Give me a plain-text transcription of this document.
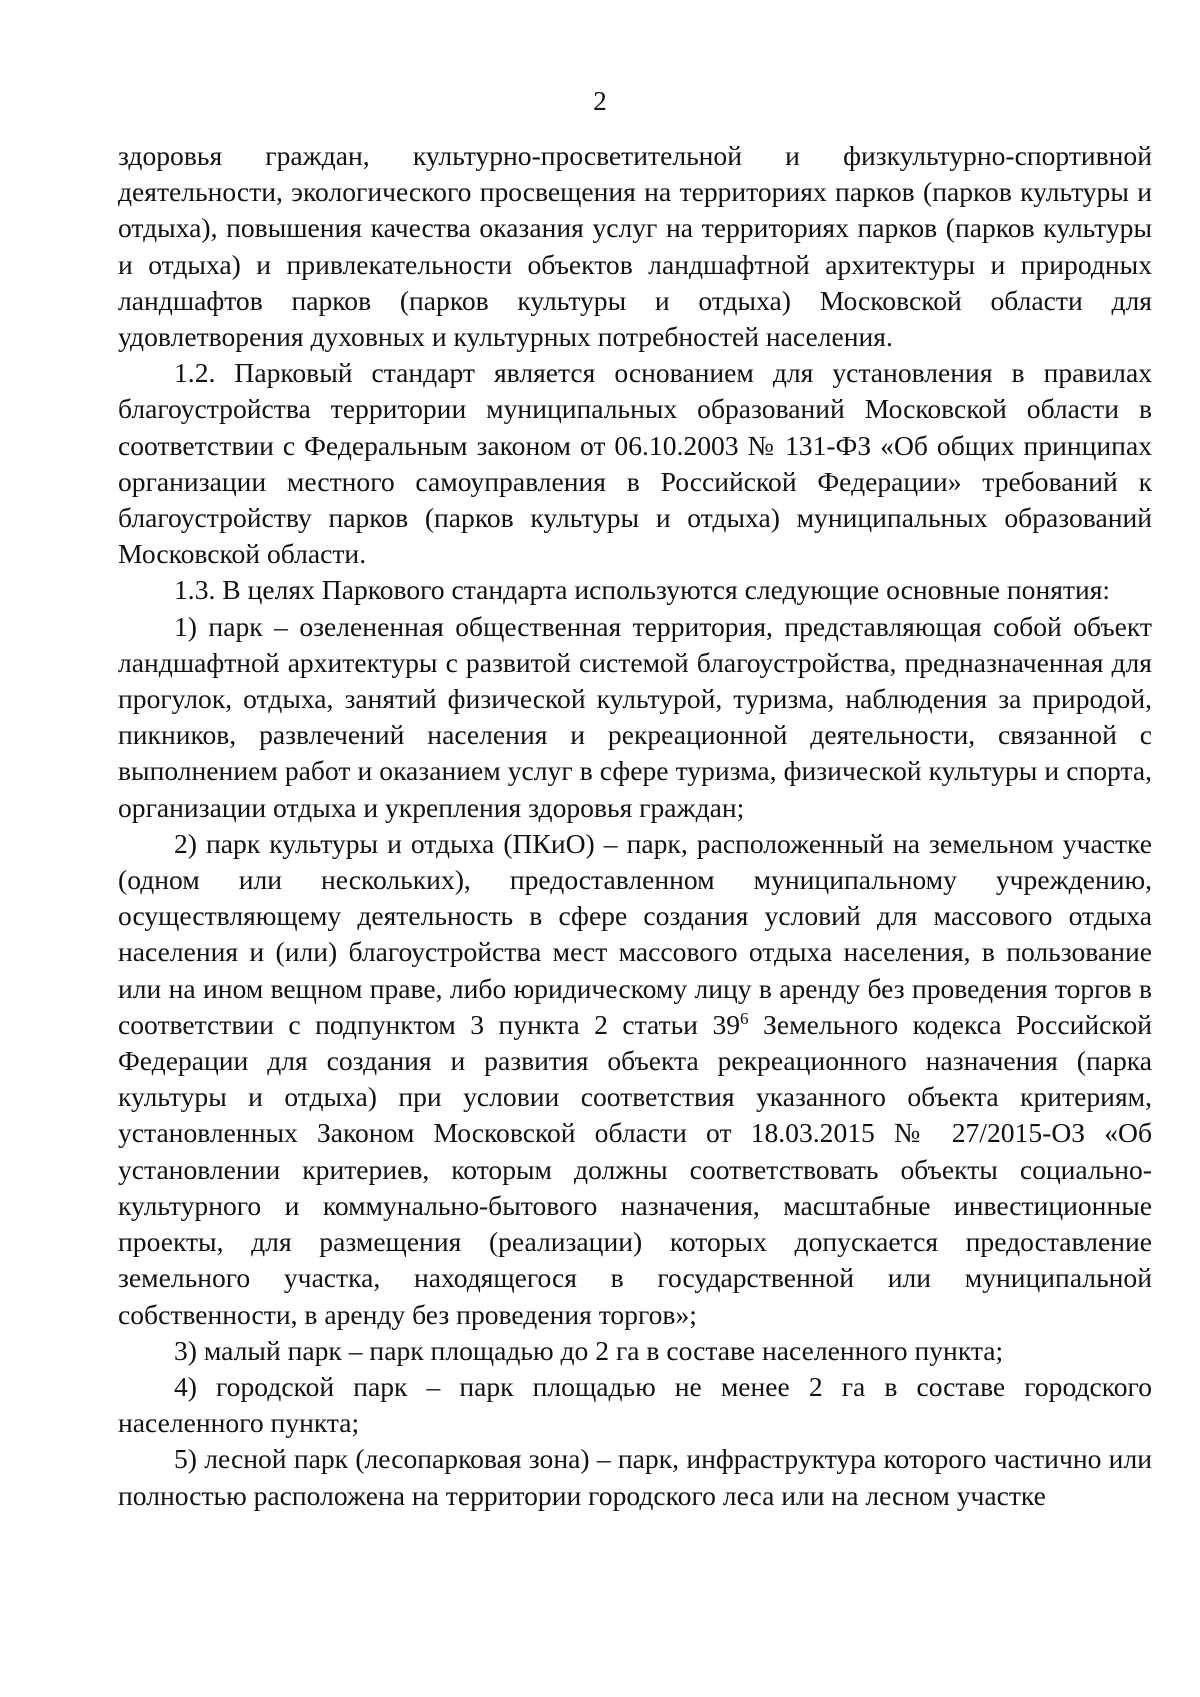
2

здоровья граждан, культурно-просветительной и физкультурно-спортивной деятельности, экологического просвещения на территориях парков (парков культуры и отдыха), повышения качества оказания услуг на территориях парков (парков культуры и отдыха) и привлекательности объектов ландшафтной архитектуры и природных ландшафтов парков (парков культуры и отдыха) Московской области для удовлетворения духовных и культурных потребностей населения.

1.2. Парковый стандарт является основанием для установления в правилах благоустройства территории муниципальных образований Московской области в соответствии с Федеральным законом от 06.10.2003 № 131-ФЗ «Об общих принципах организации местного самоуправления в Российской Федерации» требований к благоустройству парков (парков культуры и отдыха) муниципальных образований Московской области.

1.3. В целях Паркового стандарта используются следующие основные понятия:

1) парк – озелененная общественная территория, представляющая собой объект ландшафтной архитектуры с развитой системой благоустройства, предназначенная для прогулок, отдыха, занятий физической культурой, туризма, наблюдения за природой, пикников, развлечений населения и рекреационной деятельности, связанной с выполнением работ и оказанием услуг в сфере туризма, физической культуры и спорта, организации отдыха и укрепления здоровья граждан;

2) парк культуры и отдыха (ПКиО) – парк, расположенный на земельном участке (одном или нескольких), предоставленном муниципальному учреждению, осуществляющему деятельность в сфере создания условий для массового отдыха населения и (или) благоустройства мест массового отдыха населения, в пользование или на ином вещном праве, либо юридическому лицу в аренду без проведения торгов в соответствии с подпунктом 3 пункта 2 статьи $39^6$ Земельного кодекса Российской Федерации для создания и развития объекта рекреационного назначения (парка культуры и отдыха) при условии соответствия указанного объекта критериям, установленных Законом Московской области от 18.03.2015 № 27/2015-ОЗ «Об установлении критериев, которым должны соответствовать объекты социально-культурного и коммунально-бытового назначения, масштабные инвестиционные проекты, для размещения (реализации) которых допускается предоставление земельного участка, находящегося в государственной или муниципальной собственности, в аренду без проведения торгов»;

3) малый парк – парк площадью до 2 га в составе населенного пункта;

4) городской парк – парк площадью не менее 2 га в составе городского населенного пункта;

5) лесной парк (лесопарковая зона) – парк, инфраструктура которого частично или полностью расположена на территории городского леса или на лесном участке
